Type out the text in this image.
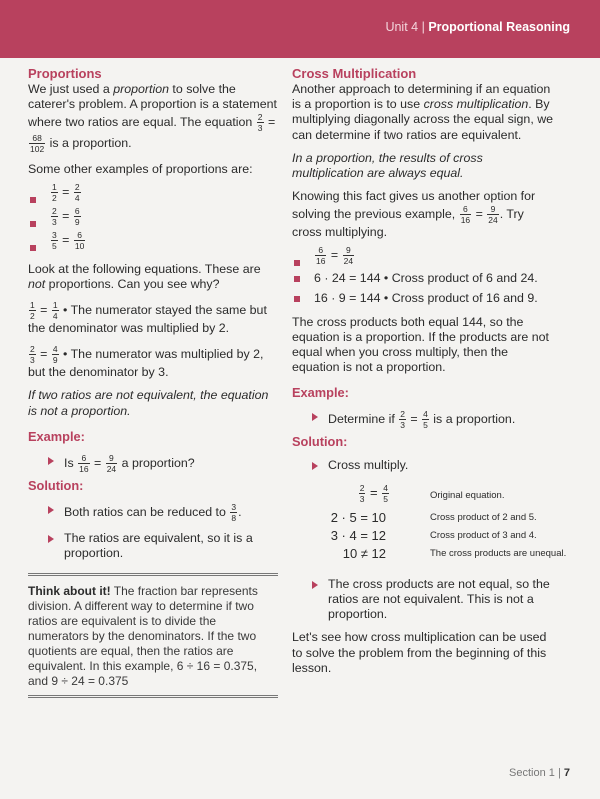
Unit 4 | Proportional Reasoning
Proportions

We just used a proportion to solve the caterer's problem. A proportion is a statement where two ratios are equal. The equation $\frac{2}{3}$ =
$\frac{68}{102}$ is a proportion.

Some other examples of proportions are:

$\frac{1}{2} = \frac{2}{4}$
$\frac{2}{3} = \frac{6}{9}$
$\frac{3}{5} = \frac{6}{10}$

Look at the following equations. These are not proportions. Can you see why?

$\frac{1}{2} = \frac{1}{4}$ • The numerator stayed the same but the denominator was multiplied by 2.

$\frac{2}{3} = \frac{4}{9}$ • The numerator was multiplied by 2, but the denominator by 3.

If two ratios are not equivalent, the equation is not a proportion.

Example:
Is $\frac{6}{16} = \frac{9}{24}$ a proportion?
Solution:
Both ratios can be reduced to $\frac{3}{8}$ .
The ratios are equivalent, so it is a proportion.
Think about it! The fraction bar represents division. A different way to determine if two ratios are equivalent is to divide the numerators by the denominators. If the two quotients are equal, then the ratios are equivalent. In this example, 6 ÷ 16 = 0.375, and 9 ÷ 24 = 0.375
Cross Multiplication

Another approach to determining if an equation is a proportion is to use cross multiplication. By multiplying diagonally across the equal sign, we can determine if two ratios are equivalent.

In a proportion, the results of cross multiplication are always equal.

Knowing this fact gives us another option for solving the previous example, $\frac{6}{16} = \frac{9}{24}$ . Try cross multiplying.

$\frac{6}{16} = \frac{9}{24}$
6 · 24 = 144 • Cross product of 6 and 24.
16 · 9 = 144 • Cross product of 16 and 9.

The cross products both equal 144, so the equation is a proportion. If the products are not equal when you cross multiply, then the equation is not a proportion.

Example:
Determine if $\frac{2}{3} = \frac{4}{5}$ is a proportion.
Solution:
Cross multiply.
$\frac{2}{3} = \frac{4}{5}$	Original equation.
2 · 5 = 10	Cross product of 2 and 5.
3 · 4 = 12	Cross product of 3 and 4.
10 ≠ 12	The cross products are unequal.
The cross products are not equal, so the ratios are not equivalent. This is not a proportion.

Let's see how cross multiplication can be used to solve the problem from the beginning of this lesson.

Section 1 | 7
